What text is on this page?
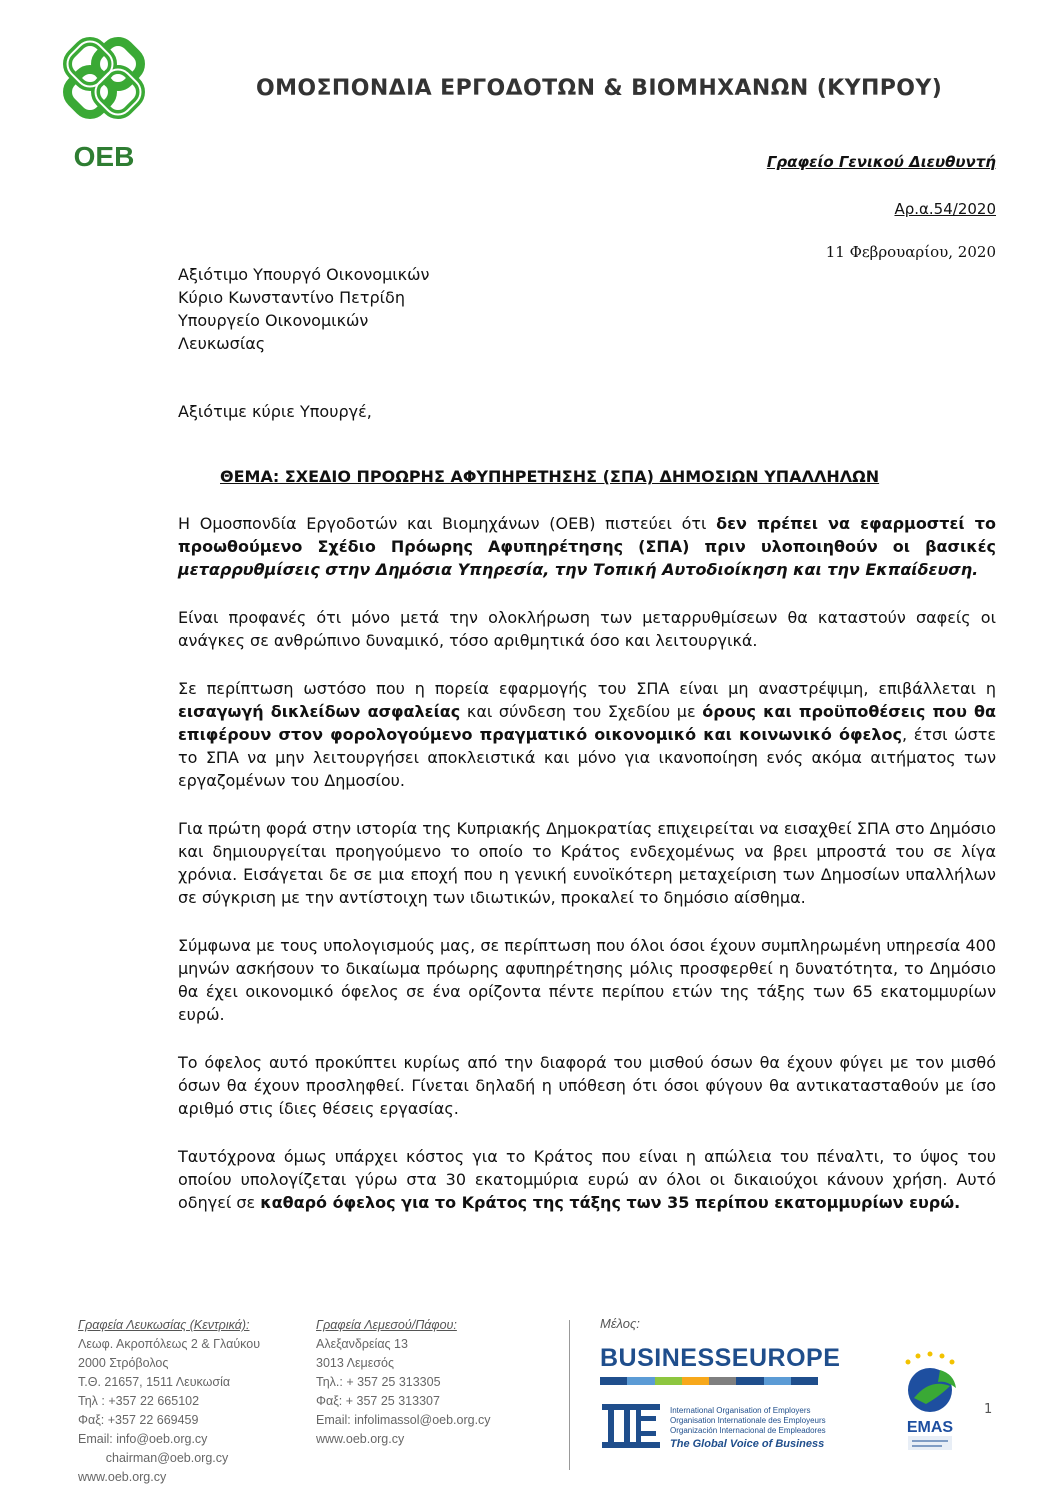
OEB
ΟΜΟΣΠΟΝΔΙΑ ΕΡΓΟΔΟΤΩΝ & ΒΙΟΜΗΧΑΝΩΝ (ΚΥΠΡΟΥ)
Γραφείο Γενικού Διευθυντή
Αρ.α.54/2020
11 Φεβρουαρίου, 2020
Αξιότιμο Υπουργό Οικονομικών
Κύριο Κωνσταντίνο Πετρίδη
Υπουργείο Οικονομικών
Λευκωσίας
Αξιότιμε κύριε Υπουργέ,
ΘΕΜΑ: ΣΧΕΔΙΟ ΠΡΟΩΡΗΣ ΑΦΥΠΗΡΕΤΗΣΗΣ (ΣΠΑ) ΔΗΜΟΣΙΩΝ ΥΠΑΛΛΗΛΩΝ

Η Ομοσπονδία Εργοδοτών και Βιομηχάνων (ΟΕΒ) πιστεύει ότι δεν πρέπει να εφαρμοστεί το προωθούμενο Σχέδιο Πρόωρης Αφυπηρέτησης (ΣΠΑ) πριν υλοποιηθούν οι βασικές μεταρρυθμίσεις στην Δημόσια Υπηρεσία, την Τοπική Αυτοδιοίκηση και την Εκπαίδευση.

Είναι προφανές ότι μόνο μετά την ολοκλήρωση των μεταρρυθμίσεων θα καταστούν σαφείς οι ανάγκες σε ανθρώπινο δυναμικό, τόσο αριθμητικά όσο και λειτουργικά.

Σε περίπτωση ωστόσο που η πορεία εφαρμογής του ΣΠΑ είναι μη αναστρέψιμη, επιβάλλεται η εισαγωγή δικλείδων ασφαλείας και σύνδεση του Σχεδίου με όρους και προϋποθέσεις που θα επιφέρουν στον φορολογούμενο πραγματικό οικονομικό και κοινωνικό όφελος, έτσι ώστε το ΣΠΑ να μην λειτουργήσει αποκλειστικά και μόνο για ικανοποίηση ενός ακόμα αιτήματος των εργαζομένων του Δημοσίου.

Για πρώτη φορά στην ιστορία της Κυπριακής Δημοκρατίας επιχειρείται να εισαχθεί ΣΠΑ στο Δημόσιο και δημιουργείται προηγούμενο το οποίο το Κράτος ενδεχομένως να βρει μπροστά του σε λίγα χρόνια. Εισάγεται δε σε μια εποχή που η γενική ευνοϊκότερη μεταχείριση των Δημοσίων υπαλλήλων σε σύγκριση με την αντίστοιχη των ιδιωτικών, προκαλεί το δημόσιο αίσθημα.

Σύμφωνα με τους υπολογισμούς μας, σε περίπτωση που όλοι όσοι έχουν συμπληρωμένη υπηρεσία 400 μηνών ασκήσουν το δικαίωμα πρόωρης αφυπηρέτησης μόλις προσφερθεί η δυνατότητα, το Δημόσιο θα έχει οικονομικό όφελος σε ένα ορίζοντα πέντε περίπου ετών της τάξης των 65 εκατομμυρίων ευρώ.

Το όφελος αυτό προκύπτει κυρίως από την διαφορά του μισθού όσων θα έχουν φύγει με τον μισθό όσων θα έχουν προσληφθεί. Γίνεται δηλαδή η υπόθεση ότι όσοι φύγουν θα αντικατασταθούν με ίσο αριθμό στις ίδιες θέσεις εργασίας.

Ταυτόχρονα όμως υπάρχει κόστος για το Κράτος που είναι η απώλεια του πέναλτι, το ύψος του οποίου υπολογίζεται γύρω στα 30 εκατομμύρια ευρώ αν όλοι οι δικαιούχοι κάνουν χρήση. Αυτό οδηγεί σε καθαρό όφελος για το Κράτος της τάξης των 35 περίπου εκατομμυρίων ευρώ.

Γραφεία Λευκωσίας (Κεντρικά):
Λεωφ. Ακροπόλεως 2 & Γλαύκου
2000 Στρόβολος
Τ.Θ. 21657, 1511 Λευκωσία
Τηλ : +357 22 665102
Φαξ: +357 22 669459
Email: info@oeb.org.cy
chairman@oeb.org.cy
www.oeb.org.cy
Γραφεία Λεμεσού/Πάφου:
Αλεξανδρείας 13
3013 Λεμεσός
Τηλ.: + 357 25 313305
Φαξ: + 357 25 313307
Email: infolimassol@oeb.org.cy
www.oeb.org.cy
Μέλος:
BUSINESSEUROPE
International Organisation of Employers
Organisation Internationale des Employeurs
Organización Internacional de Empleadores
The Global Voice of Business
EMAS
1
